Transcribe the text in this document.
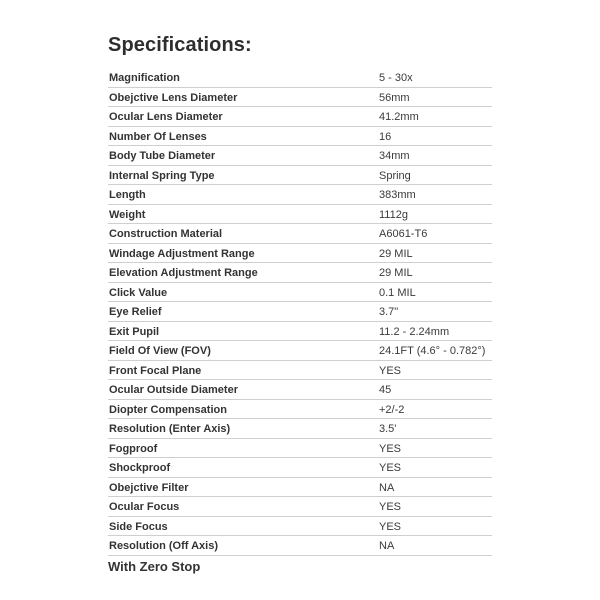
Specifications:
Magnification	5 - 30x
Obejctive Lens Diameter	56mm
Ocular Lens Diameter	41.2mm
Number Of Lenses	16
Body Tube Diameter	34mm
Internal Spring Type	Spring
Length	383mm
Weight	1112g
Construction Material	A6061-T6
Windage Adjustment Range	29 MIL
Elevation Adjustment Range	29 MIL
Click Value	0.1 MIL
Eye Relief	3.7"
Exit Pupil	11.2 - 2.24mm
Field Of View (FOV)	24.1FT (4.6° - 0.782°)
Front Focal Plane	YES
Ocular Outside Diameter	45
Diopter Compensation	+2/-2
Resolution (Enter Axis)	3.5'
Fogproof	YES
Shockproof	YES
Obejctive Filter	NA
Ocular Focus	YES
Side Focus	YES
Resolution (Off Axis)	NA
With Zero Stop
